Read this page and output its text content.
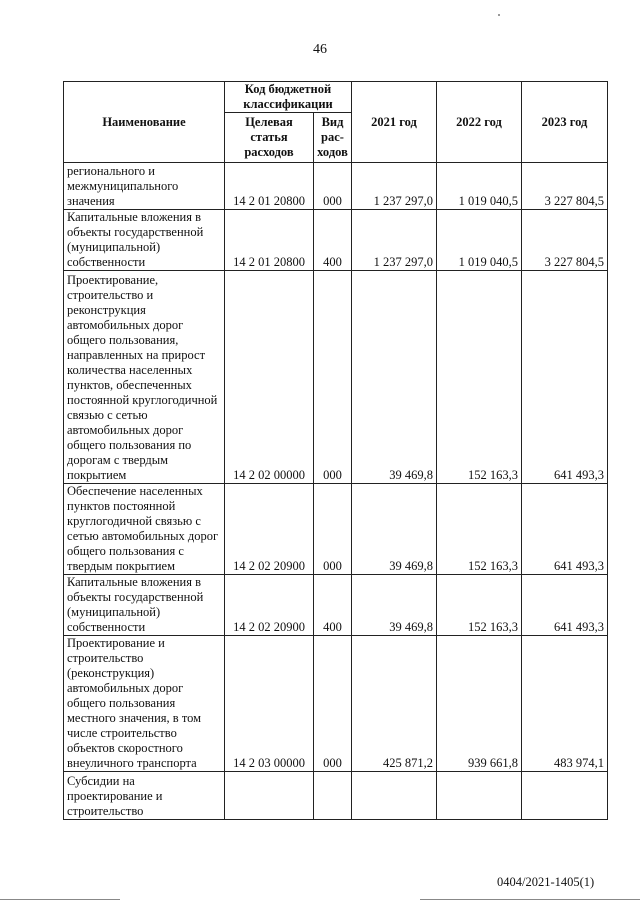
46
Наименование	Код бюджетной классификации		2021 год	2022 год	2023 год
	Целевая статья расходов	Вид рас-ходов			
регионального и межмуниципального значения	14 2 01 20800	000	1 237 297,0	1 019 040,5	3 227 804,5
Капитальные вложения в объекты государственной (муниципальной) собственности	14 2 01 20800	400	1 237 297,0	1 019 040,5	3 227 804,5
Проектирование, строительство и реконструкция автомобильных дорог общего пользования, направленных на прирост количества населенных пунктов, обеспеченных постоянной круглогодичной связью с сетью автомобильных дорог общего пользования по дорогам с твердым покрытием	14 2 02 00000	000	39 469,8	152 163,3	641 493,3
Обеспечение населенных пунктов постоянной круглогодичной связью с сетью автомобильных дорог общего пользования с твердым покрытием	14 2 02 20900	000	39 469,8	152 163,3	641 493,3
Капитальные вложения в объекты государственной (муниципальной) собственности	14 2 02 20900	400	39 469,8	152 163,3	641 493,3
Проектирование и строительство (реконструкция) автомобильных дорог общего пользования местного значения, в том числе строительство объектов скоростного внеуличного транспорта	14 2 03 00000	000	425 871,2	939 661,8	483 974,1
Субсидии на проектирование и строительство					
0404/2021-1405(1)
